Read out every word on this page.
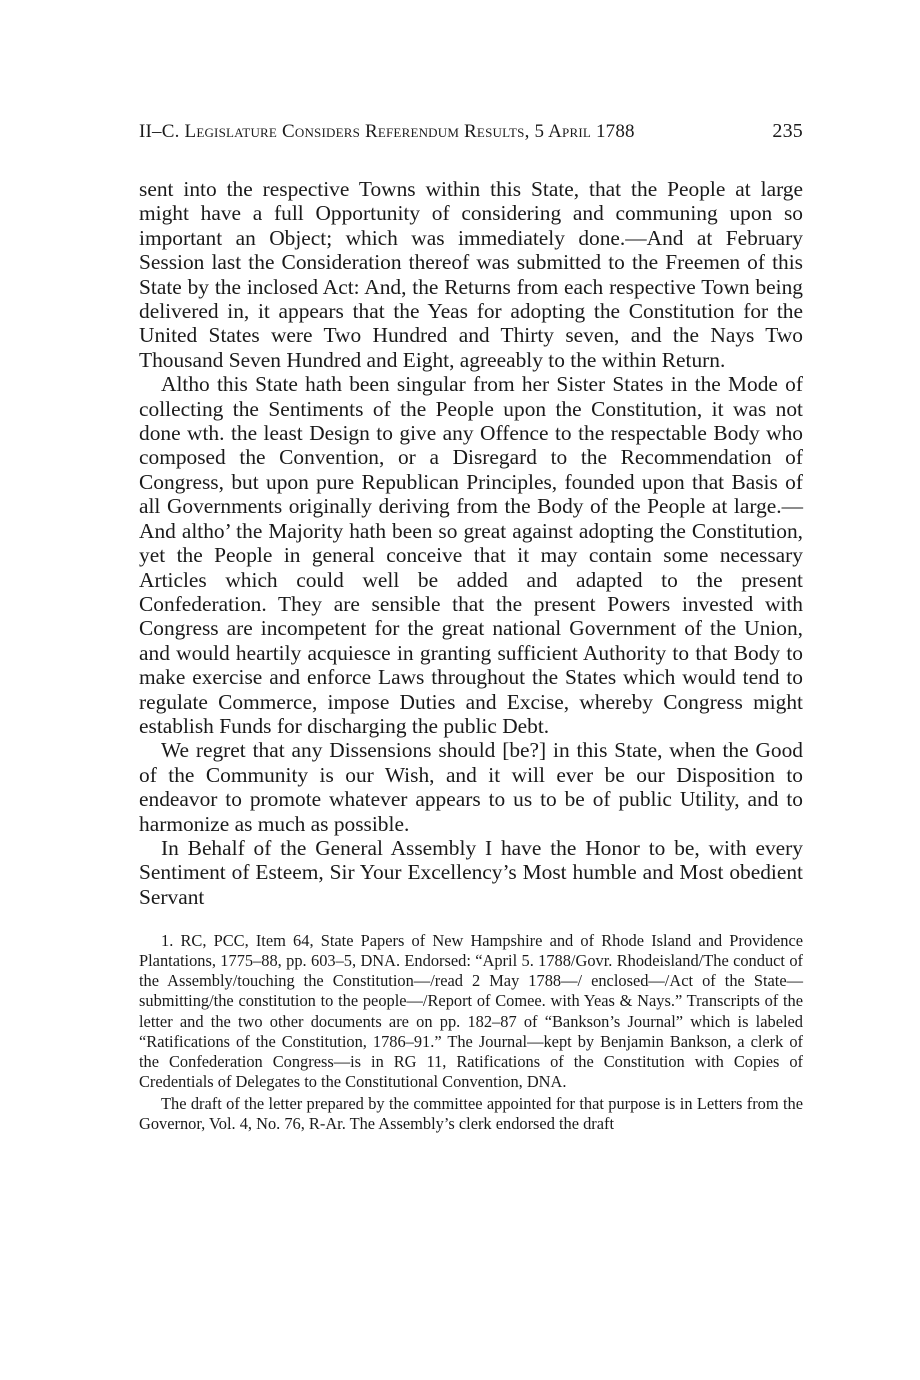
II–C. Legislature Considers Referendum Results, 5 April 1788	235

sent into the respective Towns within this State, that the People at large might have a full Opportunity of considering and communing upon so important an Object; which was immediately done.—And at February Session last the Consideration thereof was submitted to the Freemen of this State by the inclosed Act: And, the Returns from each respective Town being delivered in, it appears that the Yeas for adopting the Constitution for the United States were Two Hundred and Thirty seven, and the Nays Two Thousand Seven Hundred and Eight, agreeably to the within Return.

Altho this State hath been singular from her Sister States in the Mode of collecting the Sentiments of the People upon the Constitution, it was not done wth. the least Design to give any Offence to the respectable Body who composed the Convention, or a Disregard to the Recommendation of Congress, but upon pure Republican Principles, founded upon that Basis of all Governments originally deriving from the Body of the People at large.—And altho’ the Majority hath been so great against adopting the Constitution, yet the People in general conceive that it may contain some necessary Articles which could well be added and adapted to the present Confederation. They are sensible that the present Powers invested with Congress are incompetent for the great national Government of the Union, and would heartily acquiesce in granting sufficient Authority to that Body to make exercise and enforce Laws throughout the States which would tend to regulate Commerce, impose Duties and Excise, whereby Congress might establish Funds for discharging the public Debt.

We regret that any Dissensions should [be?] in this State, when the Good of the Community is our Wish, and it will ever be our Disposition to endeavor to promote whatever appears to us to be of public Utility, and to harmonize as much as possible.

In Behalf of the General Assembly I have the Honor to be, with every Sentiment of Esteem, Sir Your Excellency’s Most humble and Most obedient Servant

1. RC, PCC, Item 64, State Papers of New Hampshire and of Rhode Island and Providence Plantations, 1775–88, pp. 603–5, DNA. Endorsed: “April 5. 1788/Govr. Rhodeisland/The conduct of the Assembly/touching the Constitution—/read 2 May 1788—/ enclosed—/Act of the State—submitting/the constitution to the people—/Report of Comee. with Yeas & Nays.” Transcripts of the letter and the two other documents are on pp. 182–87 of “Bankson’s Journal” which is labeled “Ratifications of the Constitution, 1786–91.” The Journal—kept by Benjamin Bankson, a clerk of the Confederation Congress—is in RG 11, Ratifications of the Constitution with Copies of Credentials of Delegates to the Constitutional Convention, DNA.

The draft of the letter prepared by the committee appointed for that purpose is in Letters from the Governor, Vol. 4, No. 76, R-Ar. The Assembly’s clerk endorsed the draft
